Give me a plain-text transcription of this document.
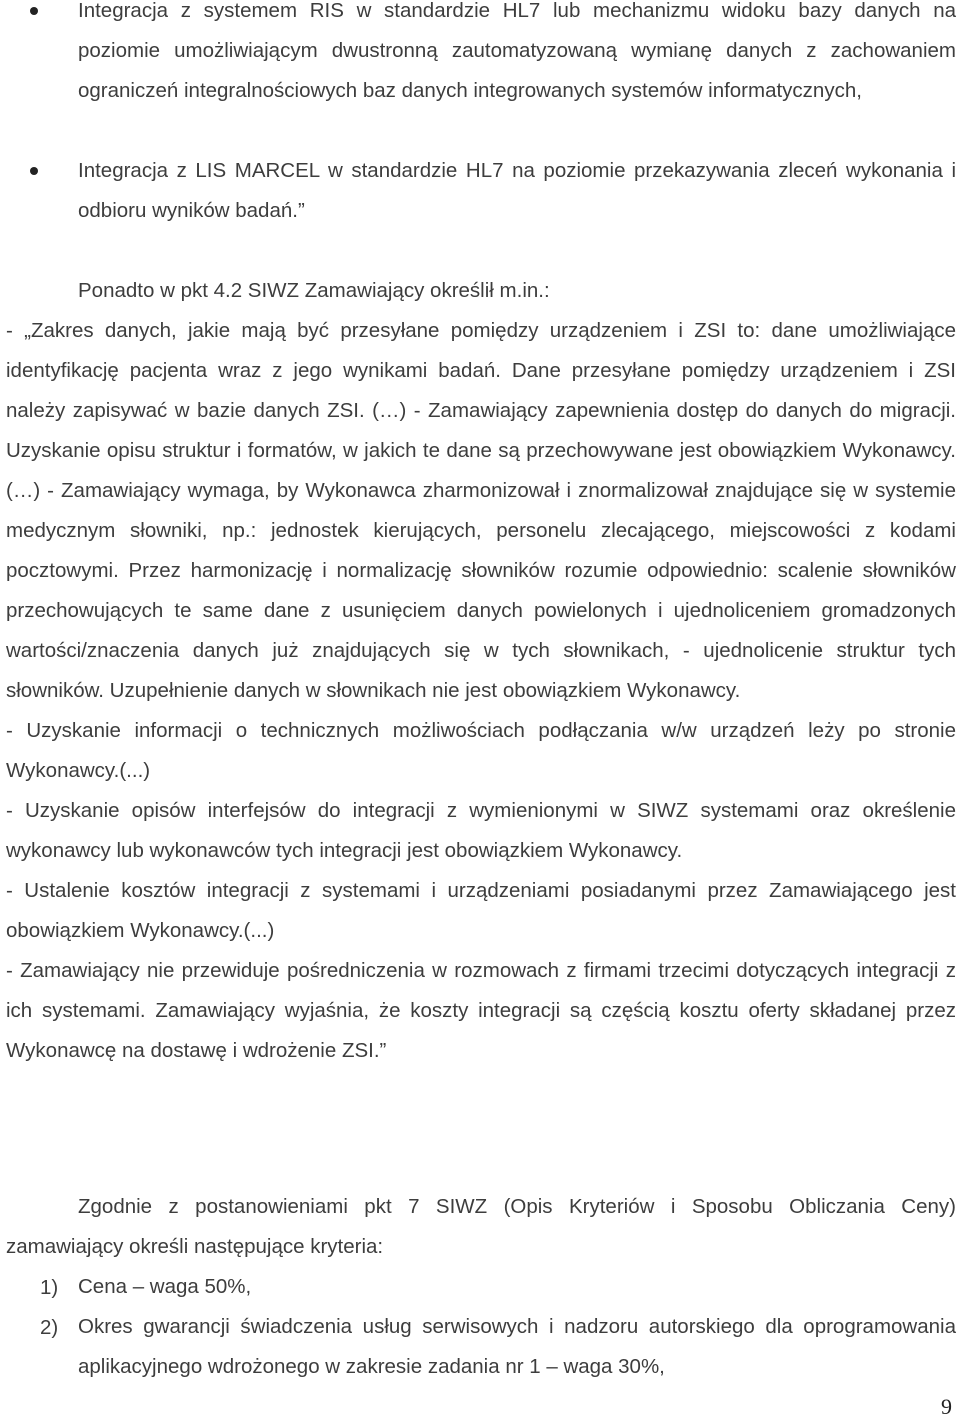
Integracja z systemem RIS w standardzie HL7 lub mechanizmu widoku bazy danych na poziomie umożliwiającym dwustronną zautomatyzowaną wymianę danych z zachowaniem ograniczeń integralnościowych baz danych integrowanych systemów informatycznych,

Integracja z LIS MARCEL w standardzie HL7 na poziomie przekazywania zleceń wykonania i odbioru wyników badań.”

Ponadto w pkt 4.2 SIWZ Zamawiający określił m.in.:

- „Zakres danych, jakie mają być przesyłane pomiędzy urządzeniem i ZSI to: dane umożliwiające identyfikację pacjenta wraz z jego wynikami badań. Dane przesyłane pomiędzy urządzeniem i ZSI należy zapisywać w bazie danych ZSI. (…) - Zamawiający zapewnienia dostęp do danych do migracji. Uzyskanie opisu struktur i formatów, w jakich te dane są przechowywane jest obowiązkiem Wykonawcy. (…) - Zamawiający wymaga, by Wykonawca zharmonizował i znormalizował znajdujące się w systemie medycznym słowniki, np.: jednostek kierujących, personelu zlecającego, miejscowości z kodami pocztowymi. Przez harmonizację i normalizację słowników rozumie odpowiednio: scalenie słowników przechowujących te same dane z usunięciem danych powielonych i ujednoliceniem gromadzonych wartości/znaczenia danych już znajdujących się w tych słownikach, - ujednolicenie struktur tych słowników. Uzupełnienie danych w słownikach nie jest obowiązkiem Wykonawcy.

- Uzyskanie informacji o technicznych możliwościach podłączania w/w urządzeń leży po stronie Wykonawcy.(...)

- Uzyskanie opisów interfejsów do integracji z wymienionymi w SIWZ systemami oraz określenie wykonawcy lub wykonawców tych integracji jest obowiązkiem Wykonawcy.

- Ustalenie kosztów integracji z systemami i urządzeniami posiadanymi przez Zamawiającego jest obowiązkiem Wykonawcy.(...)

- Zamawiający nie przewiduje pośredniczenia w rozmowach z firmami trzecimi dotyczących integracji z ich systemami. Zamawiający wyjaśnia, że koszty integracji są częścią kosztu oferty składanej przez Wykonawcę na dostawę i wdrożenie ZSI.”

Zgodnie z postanowieniami pkt 7 SIWZ (Opis Kryteriów i Sposobu Obliczania Ceny) zamawiający określi następujące kryteria:

1) Cena – waga 50%,

2) Okres gwarancji świadczenia usług serwisowych i nadzoru autorskiego dla oprogramowania aplikacyjnego wdrożonego w zakresie zadania nr 1 – waga 30%,

9
